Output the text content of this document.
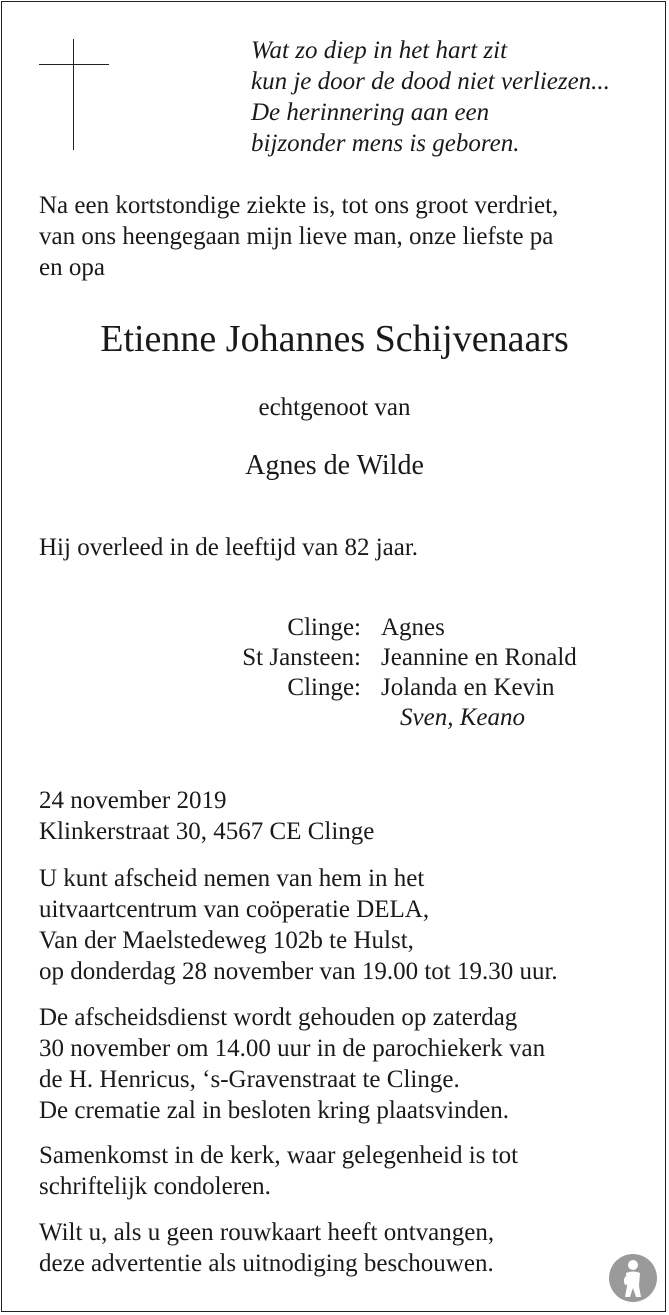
Wat zo diep in het hart zit
kun je door de dood niet verliezen...
De herinnering aan een
bijzonder mens is geboren.
Na een kortstondige ziekte is, tot ons groot verdriet,
van ons heengegaan mijn lieve man, onze liefste pa
en opa
Etienne Johannes Schijvenaars
echtgenoot van
Agnes de Wilde
Hij overleed in de leeftijd van 82 jaar.
Clinge:
St Jansteen:
Clinge:
Agnes
Jeannine en Ronald
Jolanda en Kevin
Sven, Keano
24 november 2019
Klinkerstraat 30, 4567 CE Clinge
U kunt afscheid nemen van hem in het
uitvaartcentrum van coöperatie DELA,
Van der Maelstedeweg 102b te Hulst,
op donderdag 28 november van 19.00 tot 19.30 uur.
De afscheidsdienst wordt gehouden op zaterdag
30 november om 14.00 uur in de parochiekerk van
de H. Henricus, ‘s-Gravenstraat te Clinge.
De crematie zal in besloten kring plaatsvinden.
Samenkomst in de kerk, waar gelegenheid is tot
schriftelijk condoleren.
Wilt u, als u geen rouwkaart heeft ontvangen,
deze advertentie als uitnodiging beschouwen.
